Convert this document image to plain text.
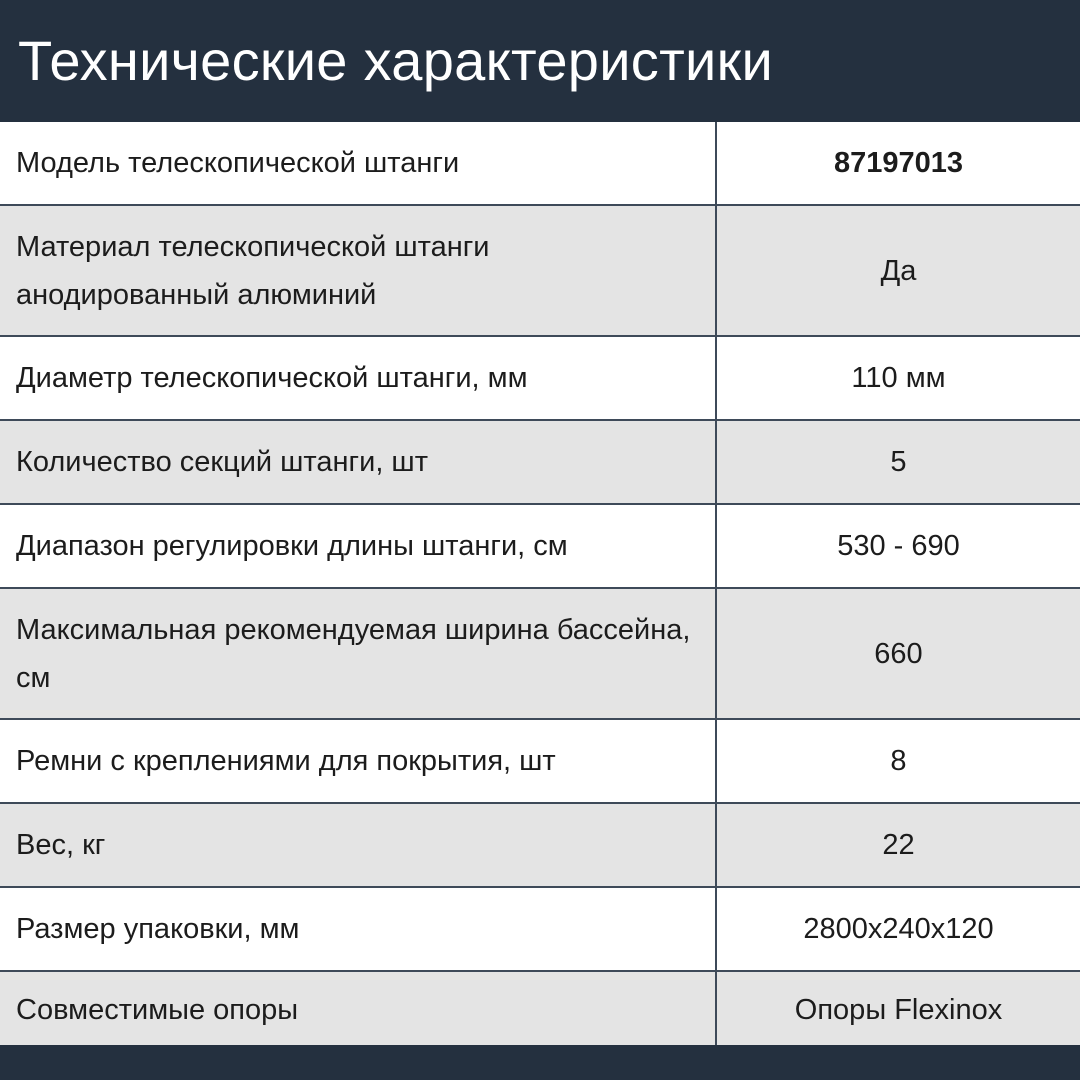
Технические характеристики
Модель телескопической штанги	87197013
Материал телескопической штанги анодированный алюминий	Да
Диаметр телескопической штанги, мм	110 мм
Количество секций штанги, шт	5
Диапазон регулировки длины штанги, см	530 - 690
Максимальная рекомендуемая ширина бассейна, см	660
Ремни с креплениями для покрытия, шт	8
Вес, кг	22
Размер упаковки, мм	2800x240x120
Совместимые опоры	Опоры Flexinox
